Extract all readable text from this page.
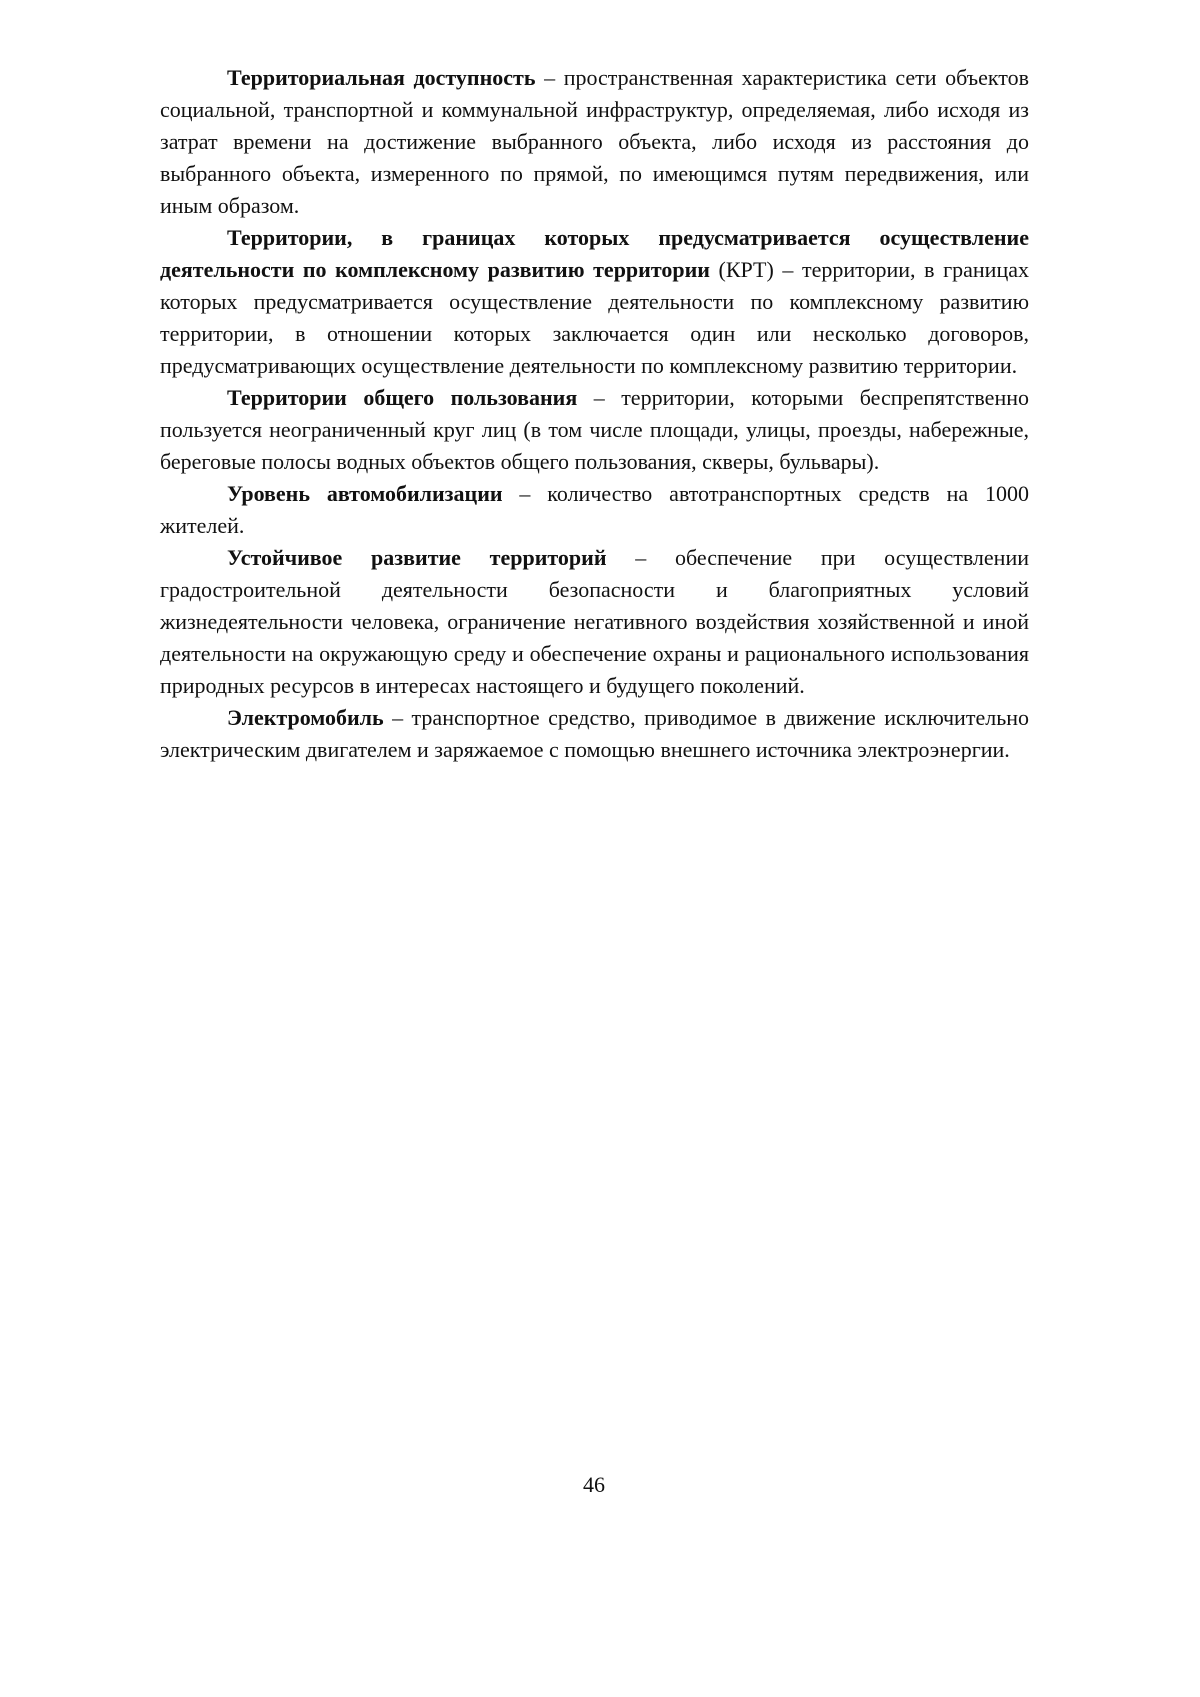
Территориальная доступность – пространственная характеристика сети объектов социальной, транспортной и коммунальной инфраструктур, определяемая, либо исходя из затрат времени на достижение выбранного объекта, либо исходя из расстояния до выбранного объекта, измеренного по прямой, по имеющимся путям передвижения, или иным образом.

Территории, в границах которых предусматривается осуществление деятельности по комплексному развитию территории (КРТ) – территории, в границах которых предусматривается осуществление деятельности по комплексному развитию территории, в отношении которых заключается один или несколько договоров, предусматривающих осуществление деятельности по комплексному развитию территории.

Территории общего пользования – территории, которыми беспрепятственно пользуется неограниченный круг лиц (в том числе площади, улицы, проезды, набережные, береговые полосы водных объектов общего пользования, скверы, бульвары).

Уровень автомобилизации – количество автотранспортных средств на 1000 жителей.

Устойчивое развитие территорий – обеспечение при осуществлении градостроительной деятельности безопасности и благоприятных условий жизнедеятельности человека, ограничение негативного воздействия хозяйственной и иной деятельности на окружающую среду и обеспечение охраны и рационального использования природных ресурсов в интересах настоящего и будущего поколений.

Электромобиль – транспортное средство, приводимое в движение исключительно электрическим двигателем и заряжаемое с помощью внешнего источника электроэнергии.

46
